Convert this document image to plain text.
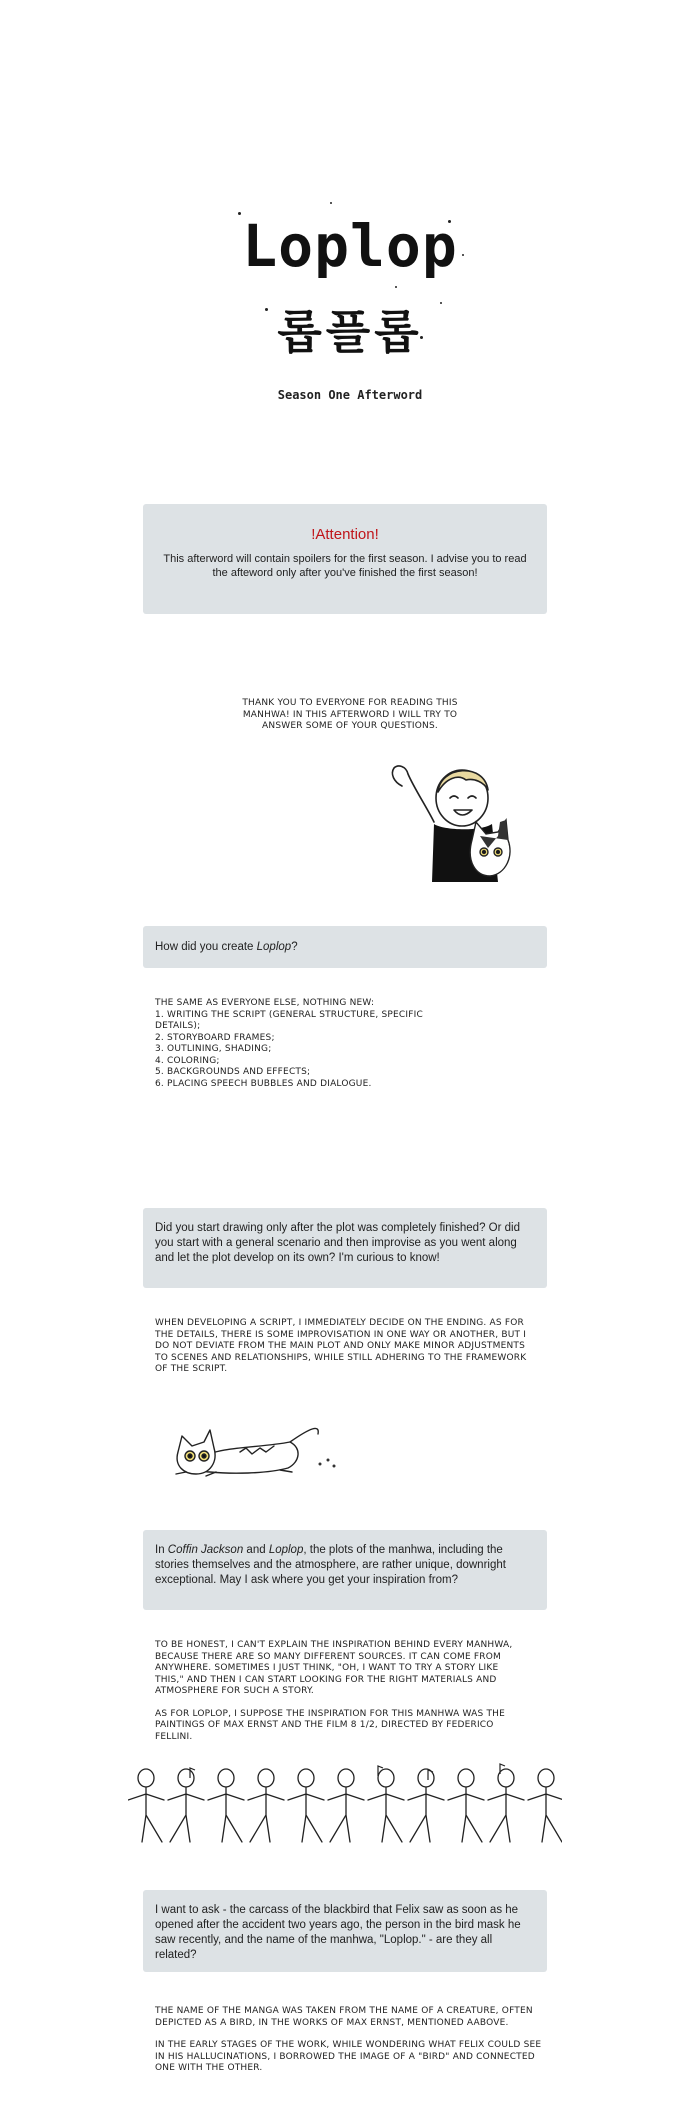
Loplop
롭플롭
Season One Afterword
!Attention!
This afterword will contain spoilers for the first season. I advise you to read the afteword only after you've finished the first season!
THANK YOU TO EVERYONE FOR READING THIS MANHWA! IN THIS AFTERWORD I WILL TRY TO ANSWER SOME OF YOUR QUESTIONS.
How did you create Loplop?

THE SAME AS EVERYONE ELSE, NOTHING NEW:

1. WRITING THE SCRIPT (GENERAL STRUCTURE, SPECIFIC DETAILS);
2. STORYBOARD FRAMES;
3. OUTLINING, SHADING;
4. COLORING;
5. BACKGROUNDS AND EFFECTS;
6. PLACING SPEECH BUBBLES AND DIALOGUE.
Did you start drawing only after the plot was completely finished? Or did you start with a general scenario and then improvise as you went along and let the plot develop on its own? I'm curious to know!
WHEN DEVELOPING A SCRIPT, I IMMEDIATELY DECIDE ON THE ENDING. AS FOR THE DETAILS, THERE IS SOME IMPROVISATION IN ONE WAY OR ANOTHER, BUT I DO NOT DEVIATE FROM THE MAIN PLOT AND ONLY MAKE MINOR ADJUSTMENTS TO SCENES AND RELATIONSHIPS, WHILE STILL ADHERING TO THE FRAMEWORK OF THE SCRIPT.
In Coffin Jackson and Loplop, the plots of the manhwa, including the stories themselves and the atmosphere, are rather unique, downright exceptional. May I ask where you get your inspiration from?

TO BE HONEST, I CAN'T EXPLAIN THE INSPIRATION BEHIND EVERY MANHWA, BECAUSE THERE ARE SO MANY DIFFERENT SOURCES. IT CAN COME FROM ANYWHERE. SOMETIMES I JUST THINK, "OH, I WANT TO TRY A STORY LIKE THIS," AND THEN I CAN START LOOKING FOR THE RIGHT MATERIALS AND ATMOSPHERE FOR SUCH A STORY.

AS FOR LOPLOP, I SUPPOSE THE INSPIRATION FOR THIS MANHWA WAS THE PAINTINGS OF MAX ERNST AND THE FILM 8 1/2, DIRECTED BY FEDERICO FELLINI.

I want to ask - the carcass of the blackbird that Felix saw as soon as he opened after the accident two years ago, the person in the bird mask he saw recently, and the name of the manhwa, "Loplop." - are they all related?

THE NAME OF THE MANGA WAS TAKEN FROM THE NAME OF A CREATURE, OFTEN DEPICTED AS A BIRD, IN THE WORKS OF MAX ERNST, MENTIONED AABOVE.

IN THE EARLY STAGES OF THE WORK, WHILE WONDERING WHAT FELIX COULD SEE IN HIS HALLUCINATIONS, I BORROWED THE IMAGE OF A "BIRD" AND CONNECTED ONE WITH THE OTHER.
